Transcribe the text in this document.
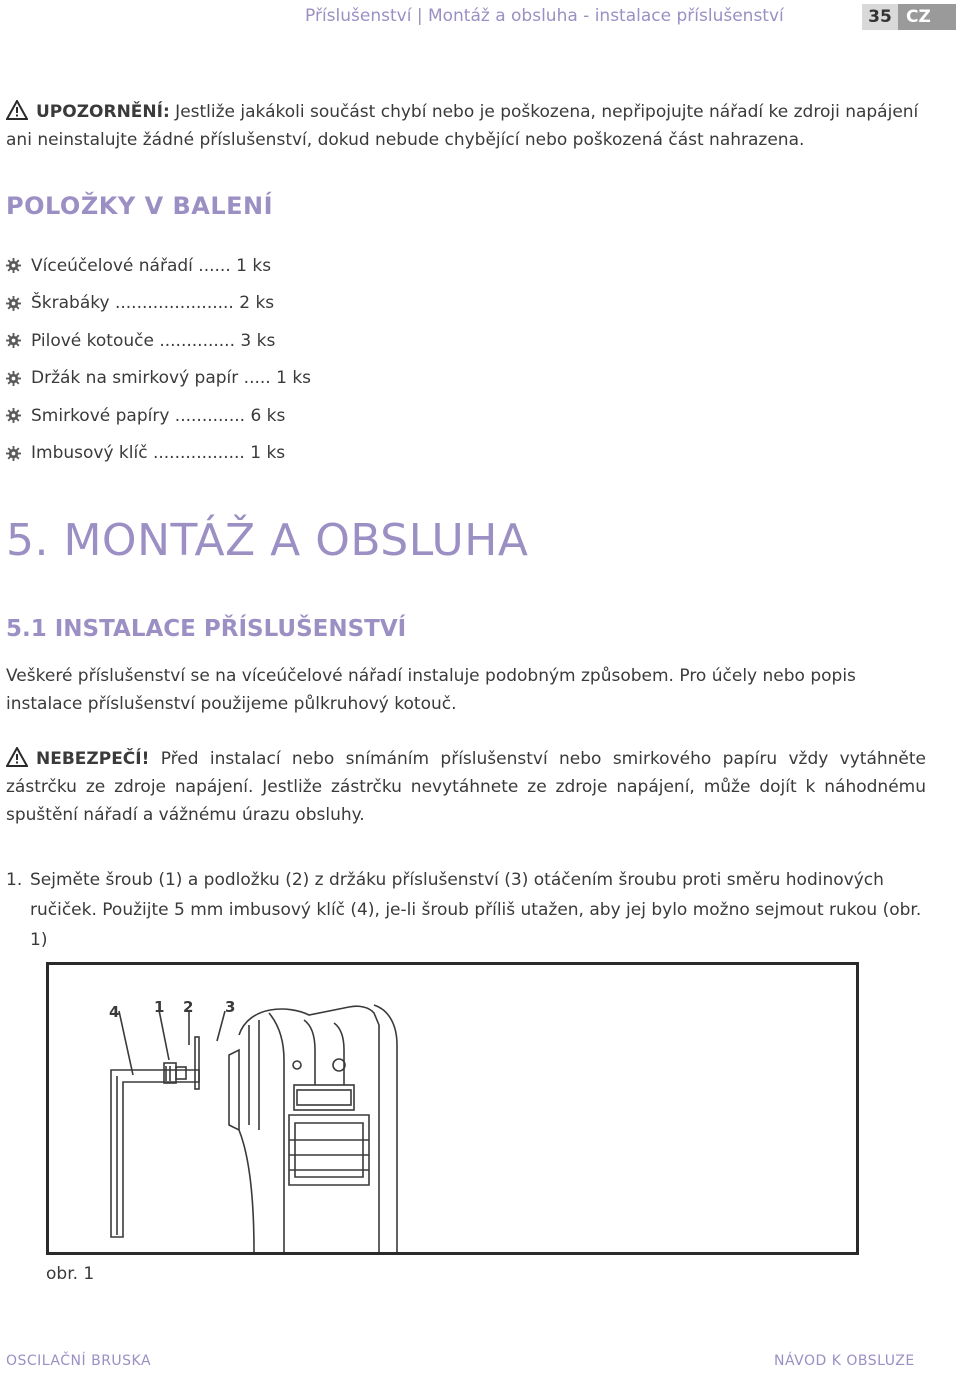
Příslušenství | Montáž a obsluha - instalace příslušenství	35 CZ
UPOZORNĚNÍ: Jestliže jakákoli součást chybí nebo je poškozena, nepřipojujte nářadí ke zdroji napájení ani neinstalujte žádné příslušenství, dokud nebude chybějící nebo poškozená část nahrazena.
POLOŽKY V BALENÍ
Víceúčelové nářadí ...... 1 ks
Škrabáky ...................... 2 ks
Pilové kotouče .............. 3 ks
Držák na smirkový papír ..... 1 ks
Smirkové papíry ............. 6 ks
Imbusový klíč ................. 1 ks
5. MONTÁŽ A OBSLUHA
5.1 INSTALACE PŘÍSLUŠENSTVÍ
Veškeré příslušenství se na víceúčelové nářadí instaluje podobným způsobem. Pro účely nebo popis instalace příslušenství použijeme půlkruhový kotouč.
NEBEZPEČÍ! Před instalací nebo snímáním příslušenství nebo smirkového papíru vždy vytáhněte zástrčku ze zdroje napájení. Jestliže zástrčku nevytáhnete ze zdroje napájení, může dojít k náhodnému spuštění nářadí a vážnému úrazu obsluhy.
1. Sejměte šroub (1) a podložku (2) z držáku příslušenství (3) otáčením šroubu proti směru hodinových ručiček. Použijte 5 mm imbusový klíč (4), je-li šroub příliš utažen, aby jej bylo možno sejmout rukou (obr. 1)
4 1 2 3
obr. 1
OSCILAČNÍ BRUSKA	NÁVOD K OBSLUZE
